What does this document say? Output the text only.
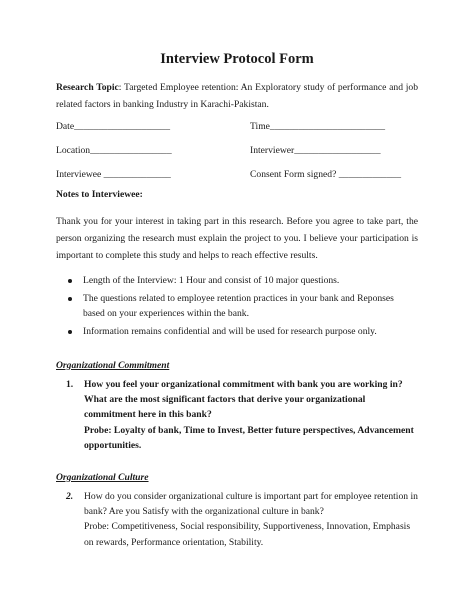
Interview Protocol Form
Research Topic: Targeted Employee retention: An Exploratory study of performance and job related factors in banking Industry in Karachi-Pakistan.
Date____________________	Time________________________
Location_________________	Interviewer__________________
Interviewee ______________	Consent Form signed? _____________
Notes to Interviewee:
Thank you for your interest in taking part in this research. Before you agree to take part, the person organizing the research must explain the project to you. I believe your participation is important to complete this study and helps to reach effective results.
Length of the Interview: 1 Hour and consist of 10 major questions.
The questions related to employee retention practices in your bank and Reponses based on your experiences within the bank.
Information remains confidential and will be used for research purpose only.
Organizational Commitment
1. How you feel your organizational commitment with bank you are working in? What are the most significant factors that derive your organizational commitment here in this bank?
Probe: Loyalty of bank, Time to Invest, Better future perspectives, Advancement opportunities.
Organizational Culture
2. How do you consider organizational culture is important part for employee retention in bank? Are you Satisfy with the organizational culture in bank?
Probe: Competitiveness, Social responsibility, Supportiveness, Innovation, Emphasis on rewards, Performance orientation, Stability.
